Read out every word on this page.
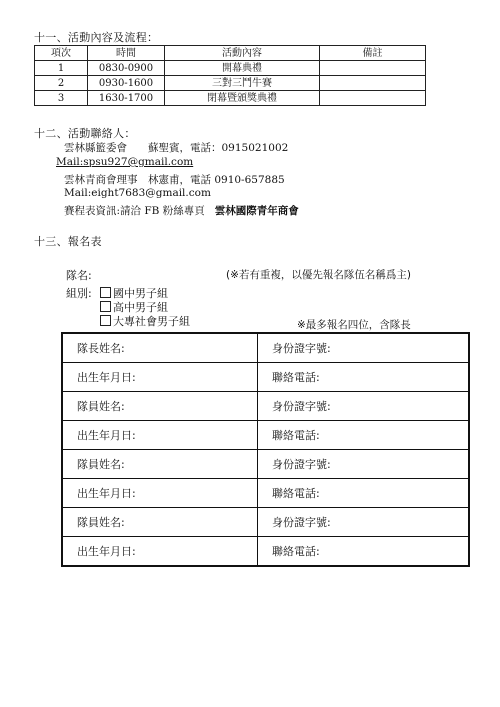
十一、活動內容及流程：
項次	時間	活動內容	備註
1	0830-0900	開幕典禮	
2	0930-1600	三對三鬥牛賽	
3	1630-1700	閉幕暨頒獎典禮	
十二、活動聯絡人：
雲林縣籃委會　　蘇聖賓，電話：0915021002
Mail:spsu927@gmail.com
雲林青商會理事　林憲甫，電話 0910-657885
Mail:eight7683@gmail.com
賽程表資訊:請洽 FB 粉絲專頁 雲林國際青年商會
十三、報名表
隊名:	(※若有重複，以優先報名隊伍名稱爲主)
組別:	國中男子組
高中男子組
大專社會男子組	※最多報名四位，含隊長
隊長姓名:	身份證字號:
出生年月日:	聯絡電話:
隊員姓名:	身份證字號:
出生年月日:	聯絡電話:
隊員姓名:	身份證字號:
出生年月日:	聯絡電話:
隊員姓名:	身份證字號:
出生年月日:	聯絡電話:
